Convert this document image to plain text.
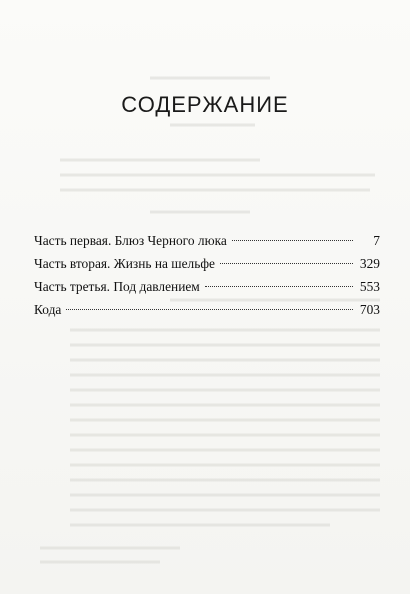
СОДЕРЖАНИЕ
Часть первая. Блюз Черного люка	7
Часть вторая. Жизнь на шельфе	329
Часть третья. Под давлением	553
Кода	703
